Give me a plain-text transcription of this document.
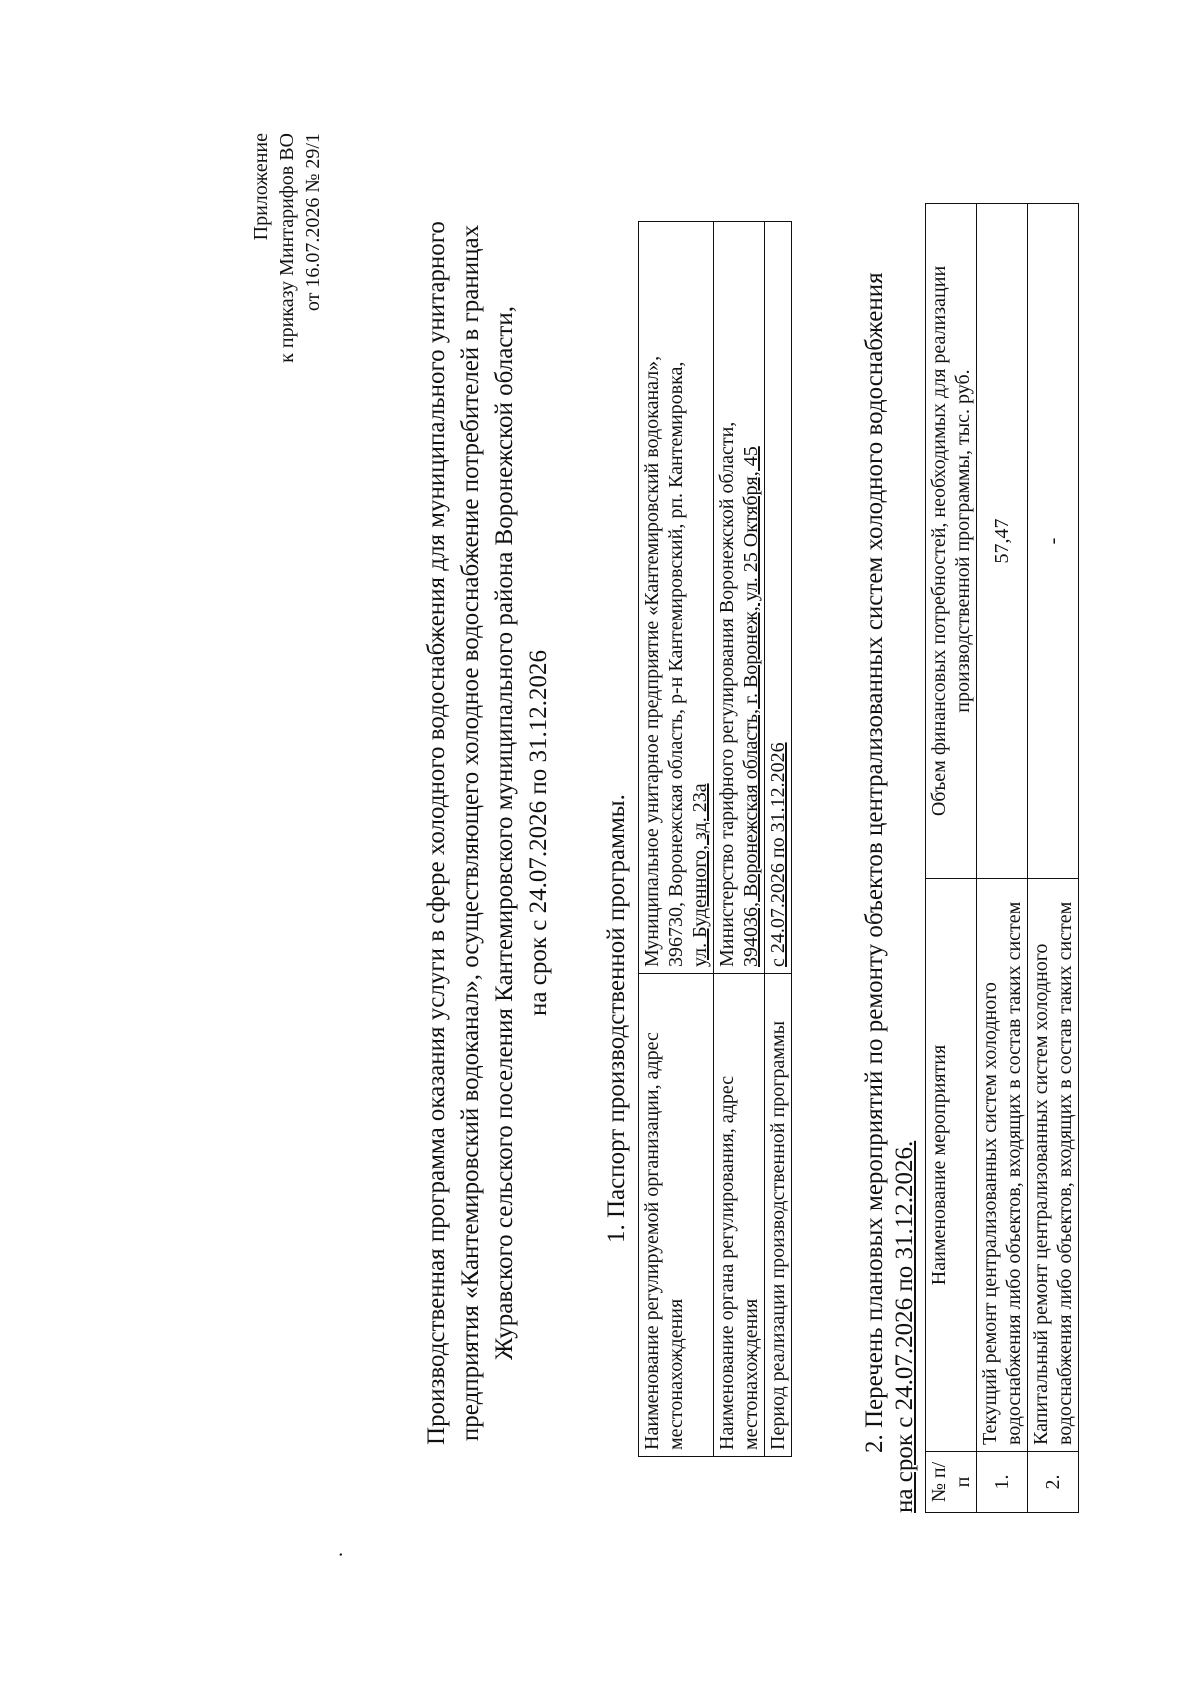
.
Приложение к приказу Минтарифов ВО от 16.07.2026 № 29/1	Производственная программа оказания услуги в сфере холодного водоснабжения для муниципального унитарного предприятия «Кантемировский водоканал», осуществляющего холодное водоснабжение потребителей в границах Журавского сельского поселения Кантемировского муниципального района Воронежской области, на срок с 24.07.2026 по 31.12.2026 1. Паспорт производственной программы. Наименование регулируемой организации, адрес местонахождения	Муниципальное унитарное предприятие «Кантемировский водоканал», 396730, Воронежская область, р-н Кантемировский, рп. Кантемировка, ул. Буденного, зд. 23а

Наименование органа регулирования, адрес местонахождения	Министерство тарифного регулирования Воронежской области, 394036, Воронежская область, г. Воронеж, ул. 25 Октября, 45

Период реализации производственной программы	с 24.07.2026 по 31.12.2026	2. Перечень плановых мероприятий по ремонту объектов централизованных систем холодного водоснабжения на срок с 24.07.2026 по 31.12.2026. № п/п	Наименование мероприятия	Объем финансовых потребностей, необходимых для реализации производственной программы, тыс. руб.
1.	Текущий ремонт централизованных систем холодного водоснабжения либо объектов, входящих в состав таких систем	57,47
2.	Капитальный ремонт централизованных систем холодного водоснабжения либо объектов, входящих в состав таких систем	-
